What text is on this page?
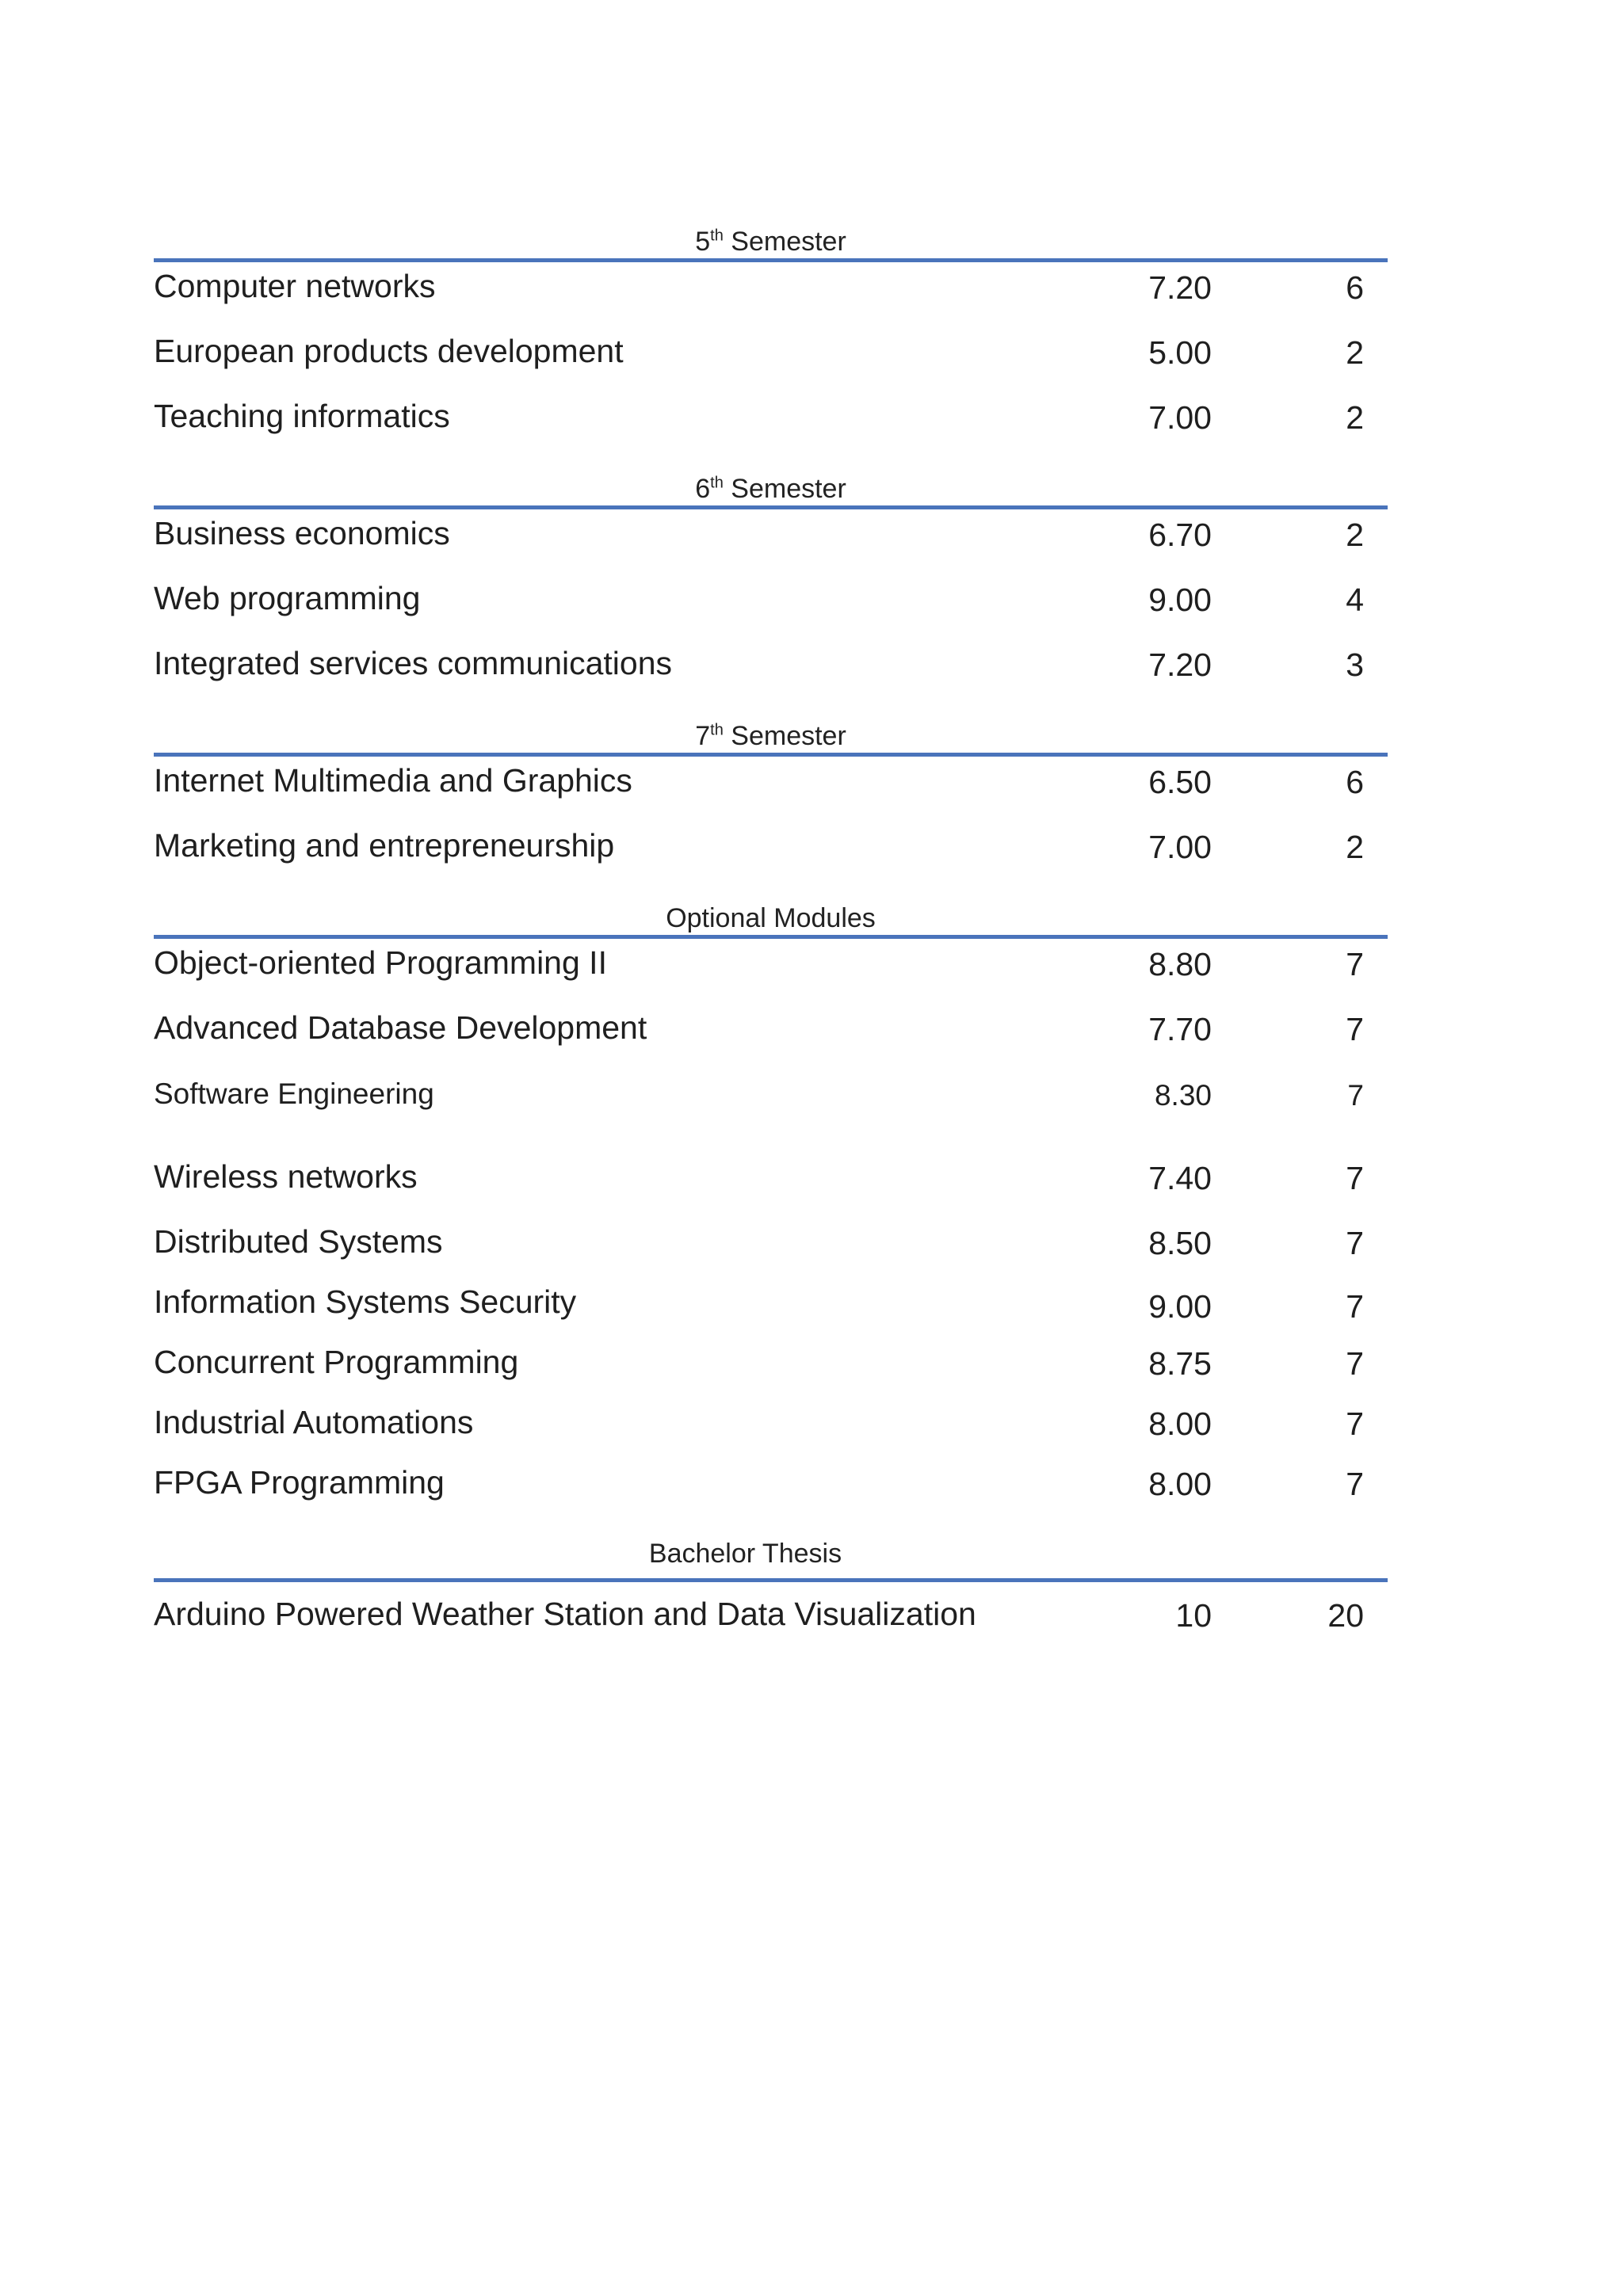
5th Semester
Computer networks	7.20	6
European products development	5.00	2
Teaching informatics	7.00	2
6th Semester
Business economics	6.70	2
Web programming	9.00	4
Integrated services communications	7.20	3
7th Semester
Internet Multimedia and Graphics	6.50	6
Marketing and entrepreneurship	7.00	2
Optional Modules
Object-oriented Programming II	8.80	7
Advanced Database Development	7.70	7
Software Engineering	8.30	7
Wireless networks	7.40	7
Distributed Systems	8.50	7
Information Systems Security	9.00	7
Concurrent Programming	8.75	7
Industrial Automations	8.00	7
FPGA Programming	8.00	7
Bachelor Thesis
Arduino Powered Weather Station and Data Visualization	10	20
